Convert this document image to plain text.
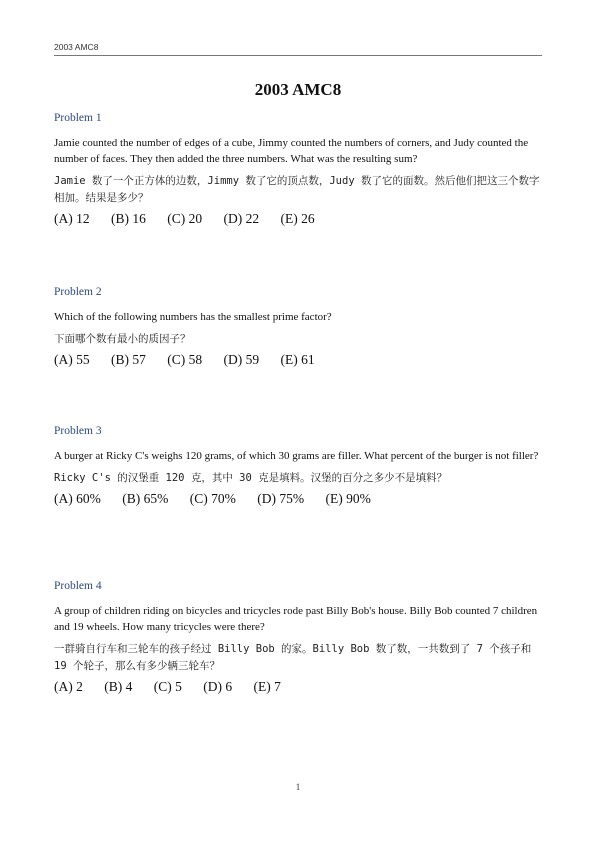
2003 AMC8
2003 AMC8
Problem 1
Jamie counted the number of edges of a cube, Jimmy counted the numbers of corners, and Judy counted the number of faces. They then added the three numbers. What was the resulting sum?
Jamie 数了一个正方体的边数，Jimmy 数了它的顶点数，Judy 数了它的面数。然后他们把这三个数字相加。结果是多少？
(A) 12 (B) 16 (C) 20 (D) 22 (E) 26
Problem 2
Which of the following numbers has the smallest prime factor?
下面哪个数有最小的质因子？
(A) 55 (B) 57 (C) 58 (D) 59 (E) 61
Problem 3
A burger at Ricky C's weighs 120 grams, of which 30 grams are filler. What percent of the burger is not filler?
Ricky C's 的汉堡重 120 克，其中 30 克是填料。汉堡的百分之多少不是填料？
(A) 60% (B) 65% (C) 70% (D) 75% (E) 90%
Problem 4
A group of children riding on bicycles and tricycles rode past Billy Bob's house. Billy Bob counted 7 children and 19 wheels. How many tricycles were there?
一群骑自行车和三轮车的孩子经过 Billy Bob 的家。Billy Bob 数了数，一共数到了 7 个孩子和 19 个轮子，那么有多少辆三轮车？
(A) 2 (B) 4 (C) 5 (D) 6 (E) 7
1
